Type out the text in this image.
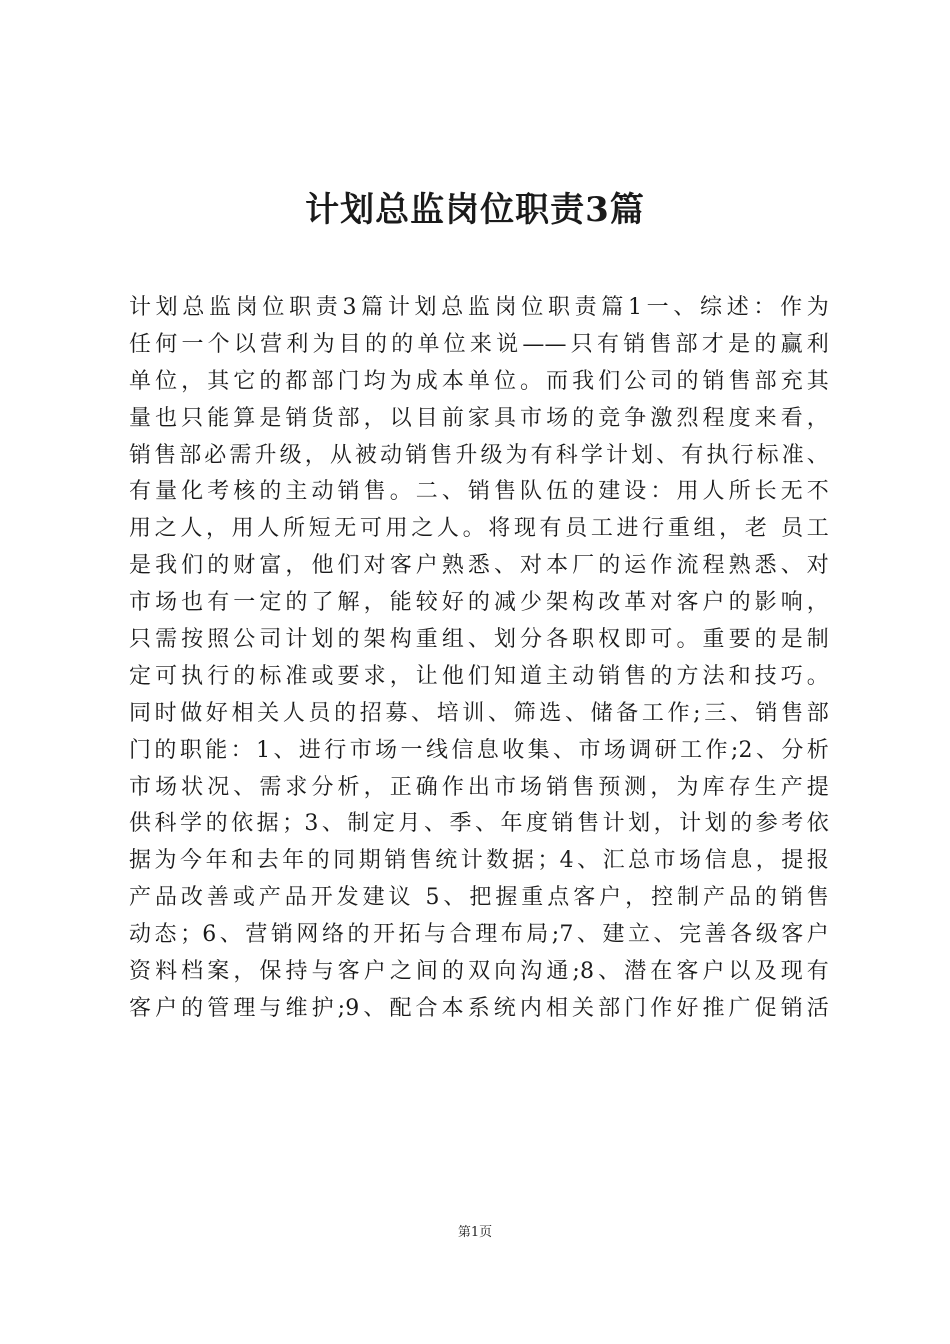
计划总监岗位职责3篇
计划总监岗位职责3篇计划总监岗位职责篇1一、综述：作为
任何一个以营利为目的的单位来说——只有销售部才是的赢利
单位，其它的都部门均为成本单位。而我们公司的销售部充其
量也只能算是销货部，以目前家具市场的竞争激烈程度来看，
销售部必需升级，从被动销售升级为有科学计划、有执行标准、
有量化考核的主动销售。二、销售队伍的建设：用人所长无不
用之人，用人所短无可用之人。将现有员工进行重组，老 员工
是我们的财富，他们对客户熟悉、对本厂的运作流程熟悉、对
市场也有一定的了解，能较好的减少架构改革对客户的影响，
只需按照公司计划的架构重组、划分各职权即可。重要的是制
定可执行的标准或要求，让他们知道主动销售的方法和技巧。
同时做好相关人员的招募、培训、筛选、储备工作;三、销售部
门的职能：1、进行市场一线信息收集、市场调研工作;2、分析
市场状况、需求分析，正确作出市场销售预测，为库存生产提
供科学的依据；3、制定月、季、年度销售计划，计划的参考依
据为今年和去年的同期销售统计数据；4、汇总市场信息，提报
产品改善或产品开发建议 5、把握重点客户，控制产品的销售
动态；6、营销网络的开拓与合理布局;7、建立、完善各级客户
资料档案，保持与客户之间的双向沟通;8、潜在客户以及现有
客户的管理与维护;9、配合本系统内相关部门作好推广促销活
第1页
